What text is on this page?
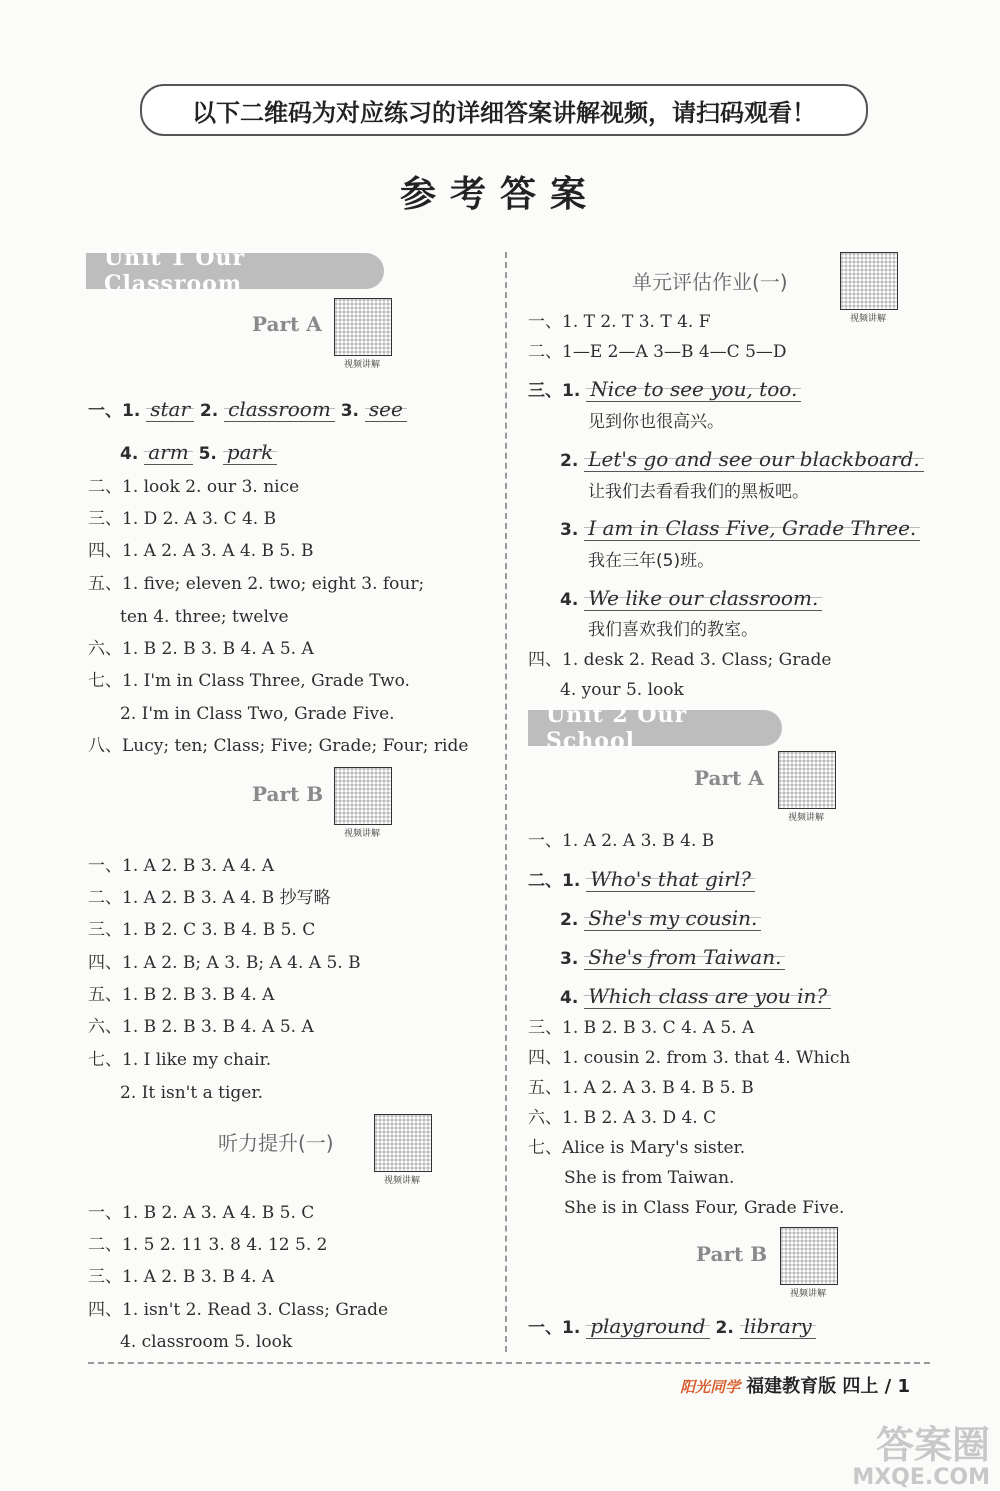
以下二维码为对应练习的详细答案讲解视频，请扫码观看！
参考答案
Unit 1 Our Classroom
Part A
视频讲解
一、1. star 2. classroom 3. see
4. arm 5. park
二、1. look 2. our 3. nice
三、1. D 2. A 3. C 4. B
四、1. A 2. A 3. A 4. B 5. B
五、1. five; eleven 2. two; eight 3. four;
ten 4. three; twelve
六、1. B 2. B 3. B 4. A 5. A
七、1. I'm in Class Three, Grade Two.
2. I'm in Class Two, Grade Five.
八、Lucy; ten; Class; Five; Grade; Four; ride
Part B
视频讲解
一、1. A 2. B 3. A 4. A
二、1. A 2. B 3. A 4. B 抄写略
三、1. B 2. C 3. B 4. B 5. C
四、1. A 2. B; A 3. B; A 4. A 5. B
五、1. B 2. B 3. B 4. A
六、1. B 2. B 3. B 4. A 5. A
七、1. I like my chair.
2. It isn't a tiger.
听力提升(一)
视频讲解
一、1. B 2. A 3. A 4. B 5. C
二、1. 5 2. 11 3. 8 4. 12 5. 2
三、1. A 2. B 3. B 4. A
四、1. isn't 2. Read 3. Class; Grade
4. classroom 5. look
单元评估作业(一)
视频讲解
一、1. T 2. T 3. T 4. F
二、1—E 2—A 3—B 4—C 5—D
三、1. Nice to see you, too.
见到你也很高兴。
2. Let's go and see our blackboard.
让我们去看看我们的黑板吧。
3. I am in Class Five, Grade Three.
我在三年(5)班。
4. We like our classroom.
我们喜欢我们的教室。
四、1. desk 2. Read 3. Class; Grade
4. your 5. look
Unit 2 Our School
Part A
视频讲解
一、1. A 2. A 3. B 4. B
二、1. Who's that girl?
2. She's my cousin.
3. She's from Taiwan.
4. Which class are you in?
三、1. B 2. B 3. C 4. A 5. A
四、1. cousin 2. from 3. that 4. Which
五、1. A 2. A 3. B 4. B 5. B
六、1. B 2. A 3. D 4. C
七、Alice is Mary's sister.
She is from Taiwan.
She is in Class Four, Grade Five.
Part B
视频讲解
一、1. playground 2. library
阳光同学 福建教育版 四上 / 1
答案圈
MXQE.COM
